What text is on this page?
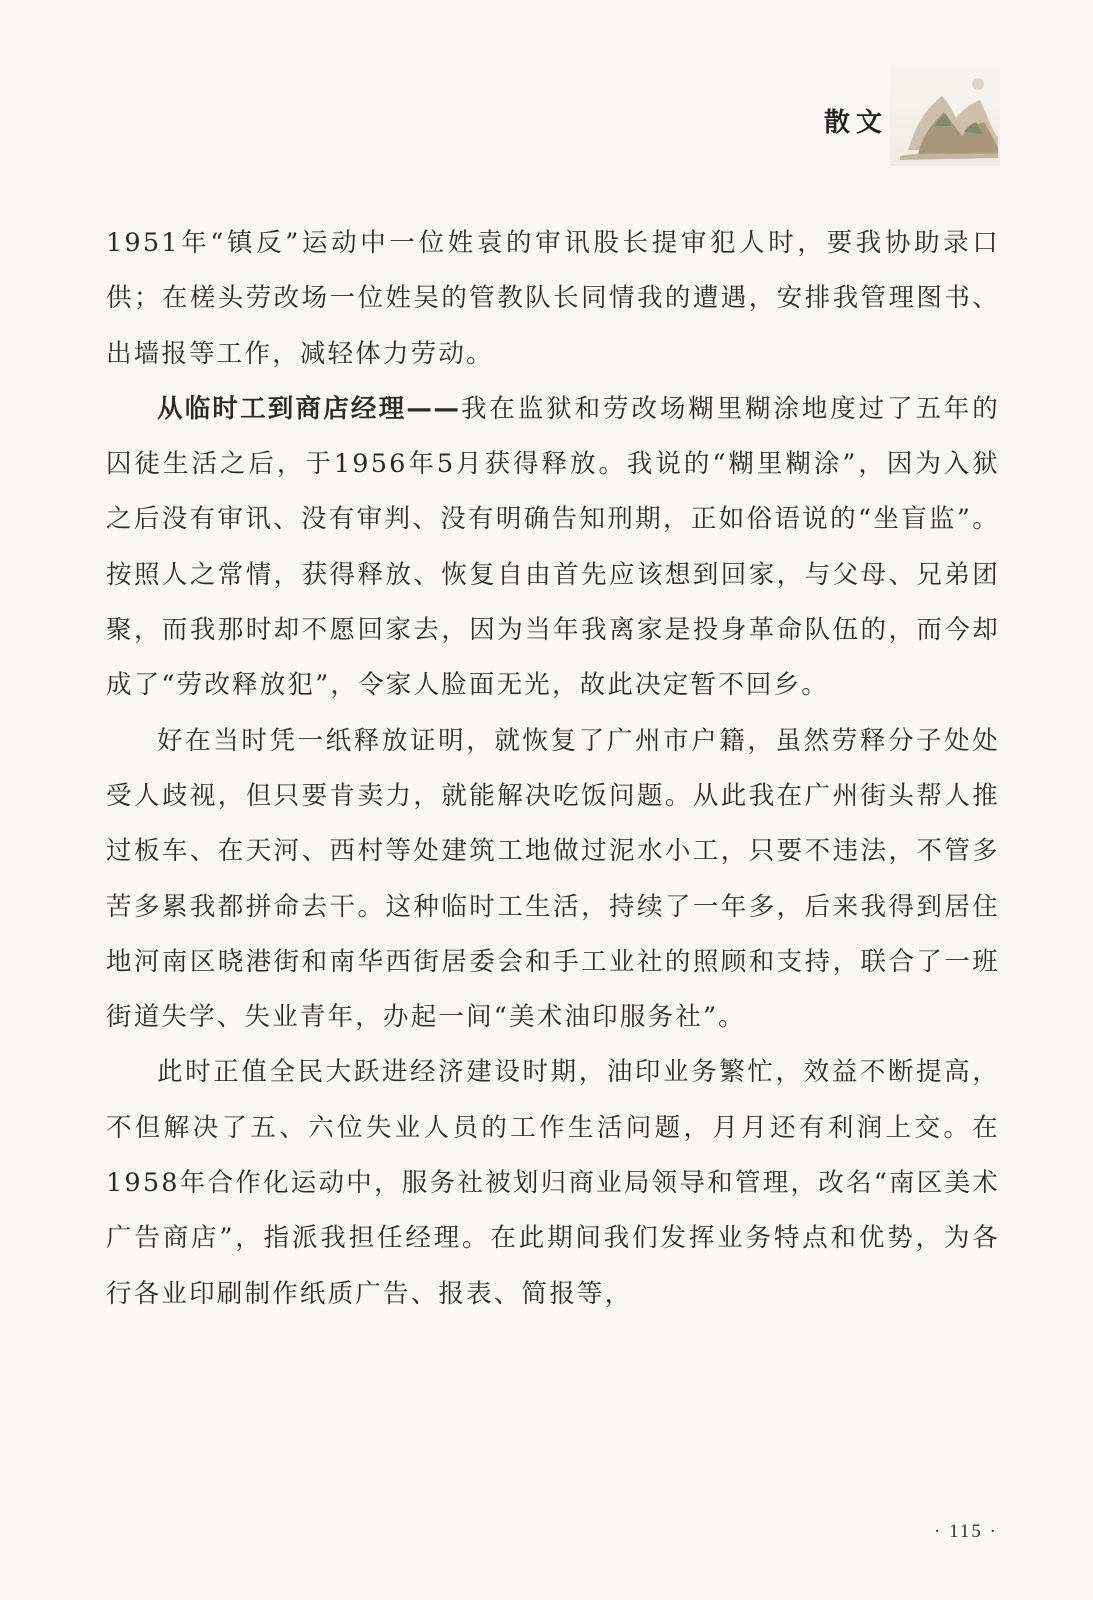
散文

1951年“镇反”运动中一位姓袁的审讯股长提审犯人时，要我协助录口供；在槎头劳改场一位姓吴的管教队长同情我的遭遇，安排我管理图书、出墙报等工作，减轻体力劳动。

从临时工到商店经理——我在监狱和劳改场糊里糊涂地度过了五年的囚徒生活之后，于1956年5月获得释放。我说的“糊里糊涂”，因为入狱之后没有审讯、没有审判、没有明确告知刑期，正如俗语说的“坐盲监”。按照人之常情，获得释放、恢复自由首先应该想到回家，与父母、兄弟团聚，而我那时却不愿回家去，因为当年我离家是投身革命队伍的，而今却成了“劳改释放犯”，令家人脸面无光，故此决定暂不回乡。

好在当时凭一纸释放证明，就恢复了广州市户籍，虽然劳释分子处处受人歧视，但只要肯卖力，就能解决吃饭问题。从此我在广州街头帮人推过板车、在天河、西村等处建筑工地做过泥水小工，只要不违法，不管多苦多累我都拼命去干。这种临时工生活，持续了一年多，后来我得到居住地河南区晓港街和南华西街居委会和手工业社的照顾和支持，联合了一班街道失学、失业青年，办起一间“美术油印服务社”。

此时正值全民大跃进经济建设时期，油印业务繁忙，效益不断提高，不但解决了五、六位失业人员的工作生活问题，月月还有利润上交。在1958年合作化运动中，服务社被划归商业局领导和管理，改名“南区美术广告商店”，指派我担任经理。在此期间我们发挥业务特点和优势，为各行各业印刷制作纸质广告、报表、简报等，

· 115 ·
